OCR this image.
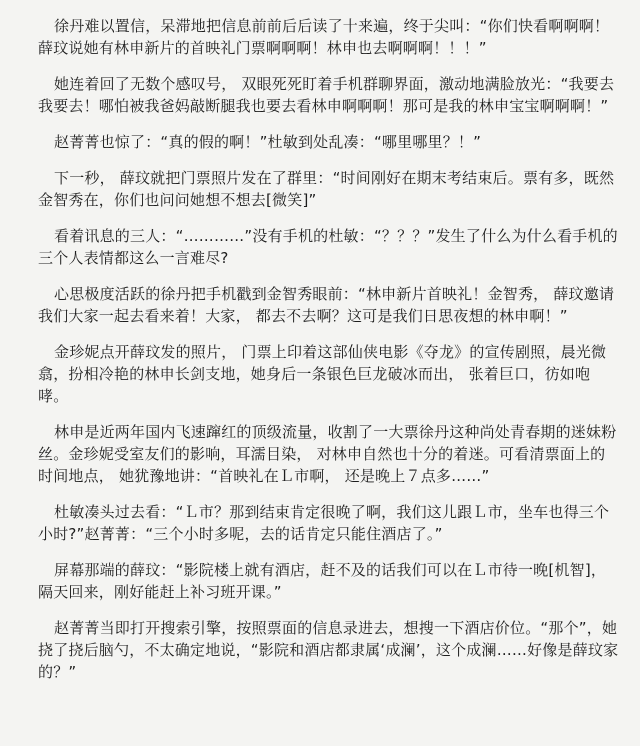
徐丹难以置信，呆滞地把信息前前后后读了十来遍，终于尖叫：“你们快看啊啊啊！薛玟说她有林申新片的首映礼门票啊啊啊！林申也去啊啊啊！！！”

她连着回了无数个感叹号， 双眼死死盯着手机群聊界面，激动地满脸放光：“我要去我要去！哪怕被我爸妈敲断腿我也要去看林申啊啊啊！那可是我的林申宝宝啊啊啊！”

赵菁菁也惊了：“真的假的啊！”杜敏到处乱凑：“哪里哪里？！”

下一秒， 薛玟就把门票照片发在了群里：“时间刚好在期末考结束后。票有多，既然金智秀在，你们也问问她想不想去[微笑]”

看着讯息的三人：“…………”没有手机的杜敏：“？？？”发生了什么为什么看手机的三个人表情都这么一言难尽?

心思极度活跃的徐丹把手机戳到金智秀眼前：“林申新片首映礼！金智秀， 薛玟邀请我们大家一起去看来着！大家， 都去不去啊？这可是我们日思夜想的林申啊！”

金珍妮点开薛玟发的照片， 门票上印着这部仙侠电影《夺龙》的宣传剧照，晨光微翕，扮相冷艳的林申长剑支地，她身后一条银色巨龙破冰而出， 张着巨口，彷如咆哮。

林申是近两年国内飞速蹿红的顶级流量，收割了一大票徐丹这种尚处青春期的迷妹粉丝。金珍妮受室友们的影响，耳濡目染， 对林申自然也十分的着迷。可看清票面上的时间地点， 她犹豫地讲：“首映礼在Ｌ市啊， 还是晚上７点多……”

杜敏凑头过去看：“Ｌ市？那到结束肯定很晚了啊，我们这儿跟Ｌ市，坐车也得三个小时?”赵菁菁：“三个小时多呢，去的话肯定只能住酒店了。”

屏幕那端的薛玟：“影院楼上就有酒店，赶不及的话我们可以在Ｌ市待一晚[机智]，隔天回来，刚好能赶上补习班开课。”

赵菁菁当即打开搜索引擎，按照票面的信息录进去，想搜一下酒店价位。“那个”，她挠了挠后脑勺，不太确定地说，“影院和酒店都隶属‘成澜’，这个成澜……好像是薛玟家的？”
